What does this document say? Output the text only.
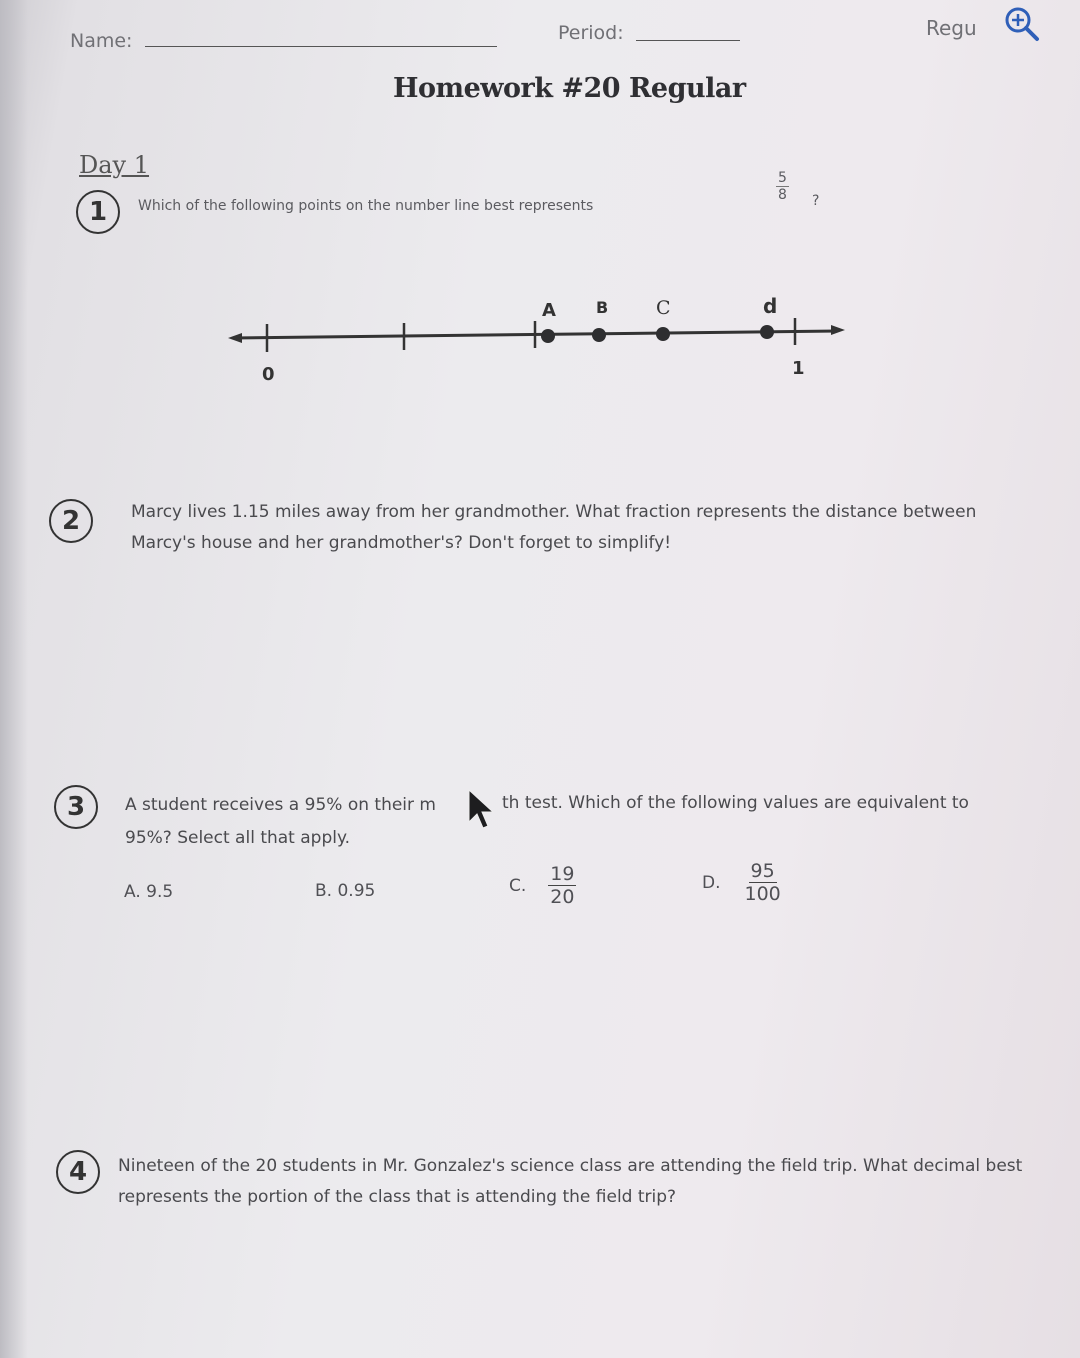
Name:	Period:	Regu
Homework #20 Regular
Day 1
1	Which of the following points on the number line best represents
$\frac{5}{8}$ ?
A	B	C	d
0	1
2	Marcy lives 1.15 miles away from her grandmother. What fraction represents the distance between Marcy's house and her grandmother's? Don't forget to simplify!
3	A student receives a 95% on their m	th test. Which of the following values are equivalent to
95%? Select all that apply.
A. 9.5	B. 0.95	C. $\frac{19}{20}$	D. $\frac{95}{100}$
4	Nineteen of the 20 students in Mr. Gonzalez's science class are attending the field trip. What decimal best represents the portion of the class that is attending the field trip?
